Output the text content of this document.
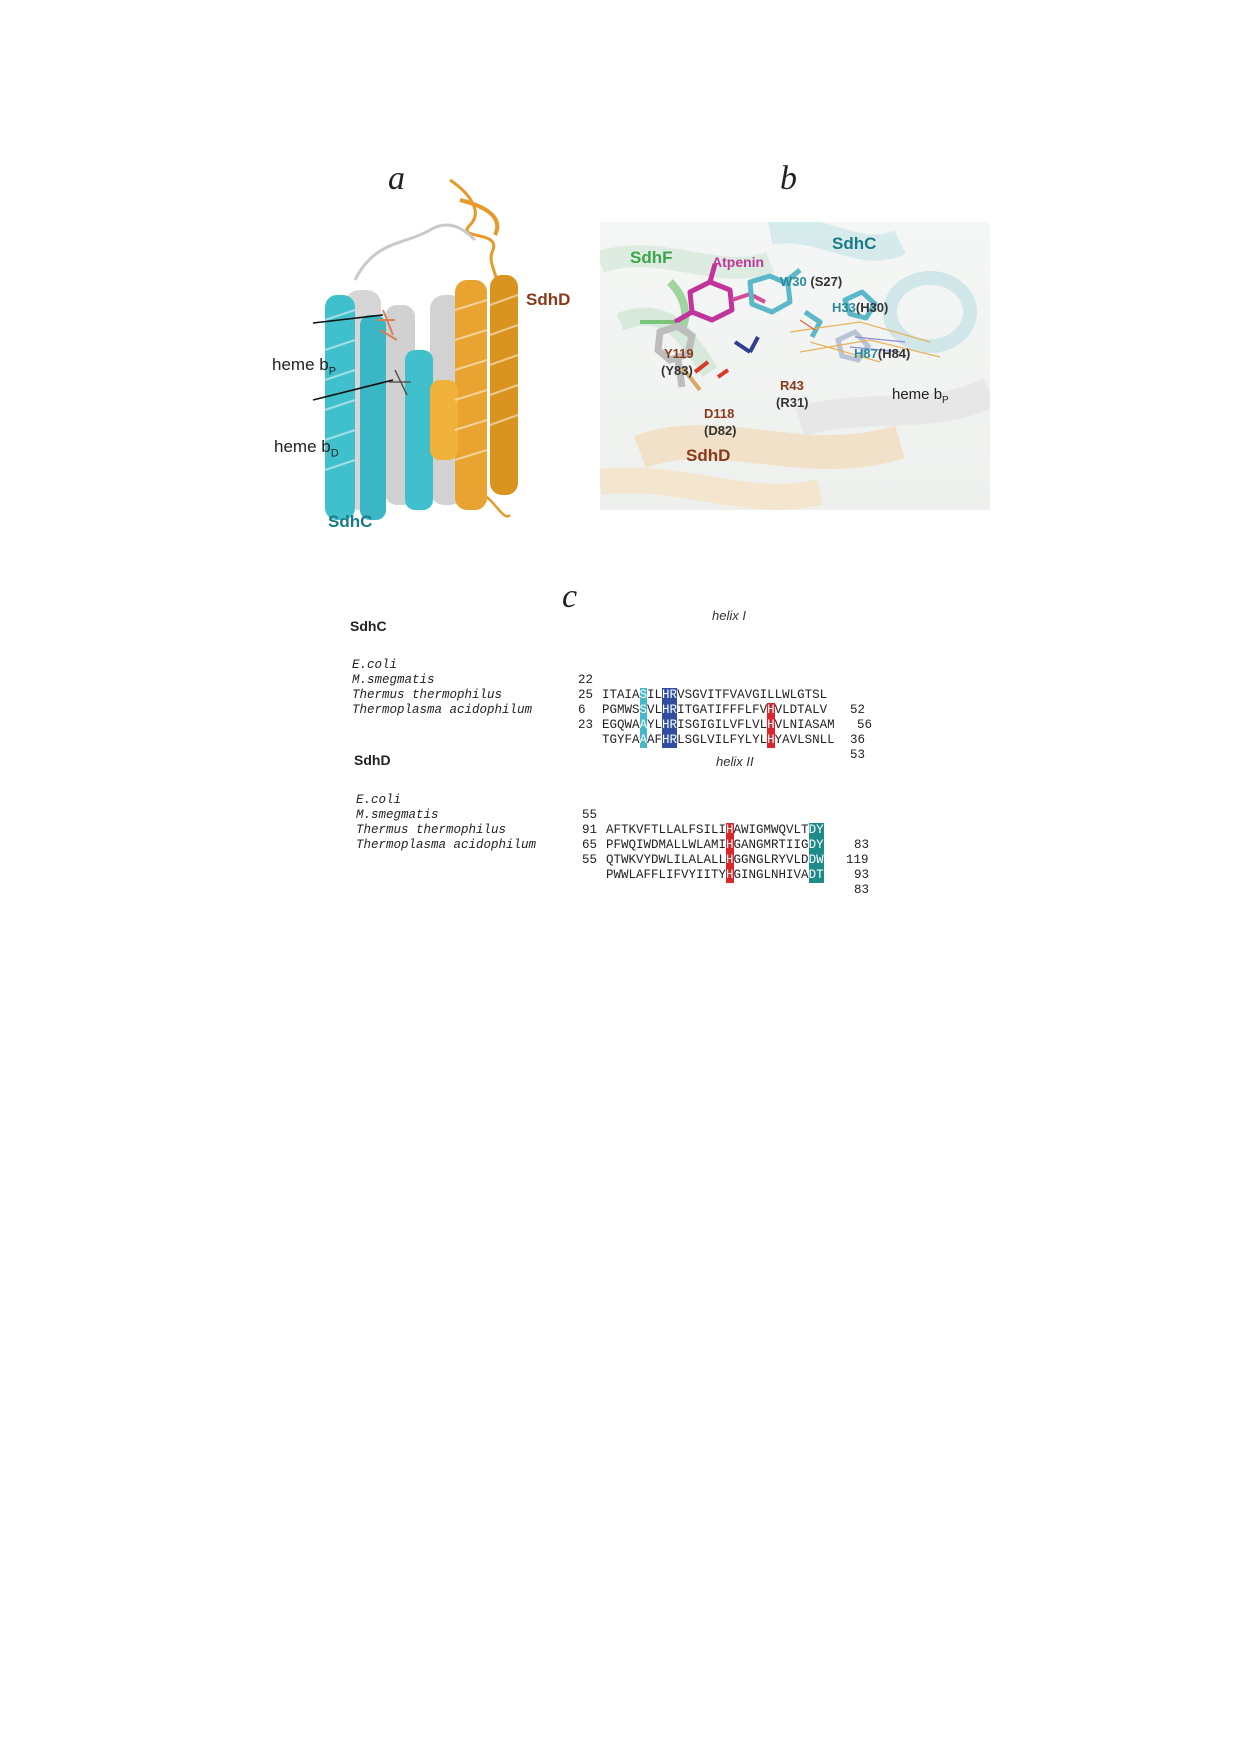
a
SdhD
SdhC
heme $b_P$
heme $b_D$
b
SdhF	Atpenin
SdhC
W30 (S27)
H33(H30)
H87(H84)
Y119
(Y83)
R43
(R31)
D118
(D82)
heme $b_P$
SdhD
c
SdhC
helix I

E.coli

22

ITAIASILHRVSGVITFVAVGILLWLGTSL

52

M.smegmatis

25

PGMWSSVLHRITGATIFFFLFVHVLDTALV

56

Thermus thermophilus

6

EGQWAAYLHRISGIGILVFLVLHVLNIASAM

36

Thermoplasma acidophilum

23

TGYFAAAFHRLSGLVILFYLYLHYAVLSNLL

53

SdhD	helix II

E.coli

55

AFTKVFTLLALFSILIHAWIGMWQVLTDY

83

M.smegmatis

91

PFWQIWDMALLWLAMIHGANGMRTIIGDY

119

Thermus thermophilus

65

QTWKVYDWLILALALLHGGNGLRYVLDDW

93

Thermoplasma acidophilum

55

PWWLAFFLIFVYIITYHGINGLNHIVADT

83
